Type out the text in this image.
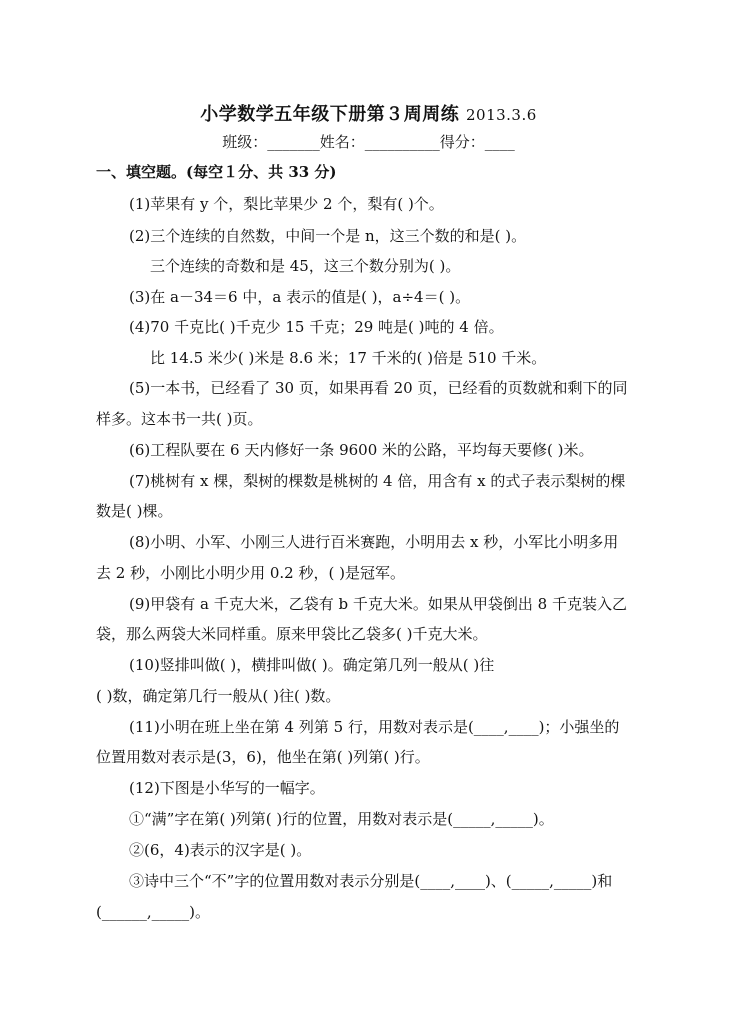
小学数学五年级下册第３周周练 2013.3.6
班级：_______姓名：__________得分：____
一、填空题。(每空１分、共 33 分)
(1)苹果有 y 个，梨比苹果少 2 个，梨有( )个。
(2)三个连续的自然数，中间一个是 n，这三个数的和是( )。
三个连续的奇数和是 45，这三个数分别为( )。
(3)在 a－34＝6 中，a 表示的值是( )，a÷4＝( )。
(4)70 千克比( )千克少 15 千克；29 吨是( )吨的 4 倍。
比 14.5 米少( )米是 8.6 米；17 千米的( )倍是 510 千米。
(5)一本书，已经看了 30 页，如果再看 20 页，已经看的页数就和剩下的同
样多。这本书一共( )页。
(6)工程队要在 6 天内修好一条 9600 米的公路，平均每天要修( )米。
(7)桃树有 x 棵，梨树的棵数是桃树的 4 倍，用含有 x 的式子表示梨树的棵
数是( )棵。
(8)小明、小军、小刚三人进行百米赛跑，小明用去 x 秒，小军比小明多用
去 2 秒，小刚比小明少用 0.2 秒，( )是冠军。
(9)甲袋有 a 千克大米，乙袋有 b 千克大米。如果从甲袋倒出 8 千克装入乙
袋，那么两袋大米同样重。原来甲袋比乙袋多( )千克大米。
(10)竖排叫做( )，横排叫做( )。确定第几列一般从( )往
( )数，确定第几行一般从( )往( )数。
(11)小明在班上坐在第 4 列第 5 行，用数对表示是(____,____)；小强坐的
位置用数对表示是(3，6)，他坐在第( )列第( )行。
(12)下图是小华写的一幅字。
①“满”字在第( )列第( )行的位置，用数对表示是(_____,_____)。
②(6，4)表示的汉字是( )。
③诗中三个“不”字的位置用数对表示分别是(____,____)、(_____,_____)和
(______,_____)。
